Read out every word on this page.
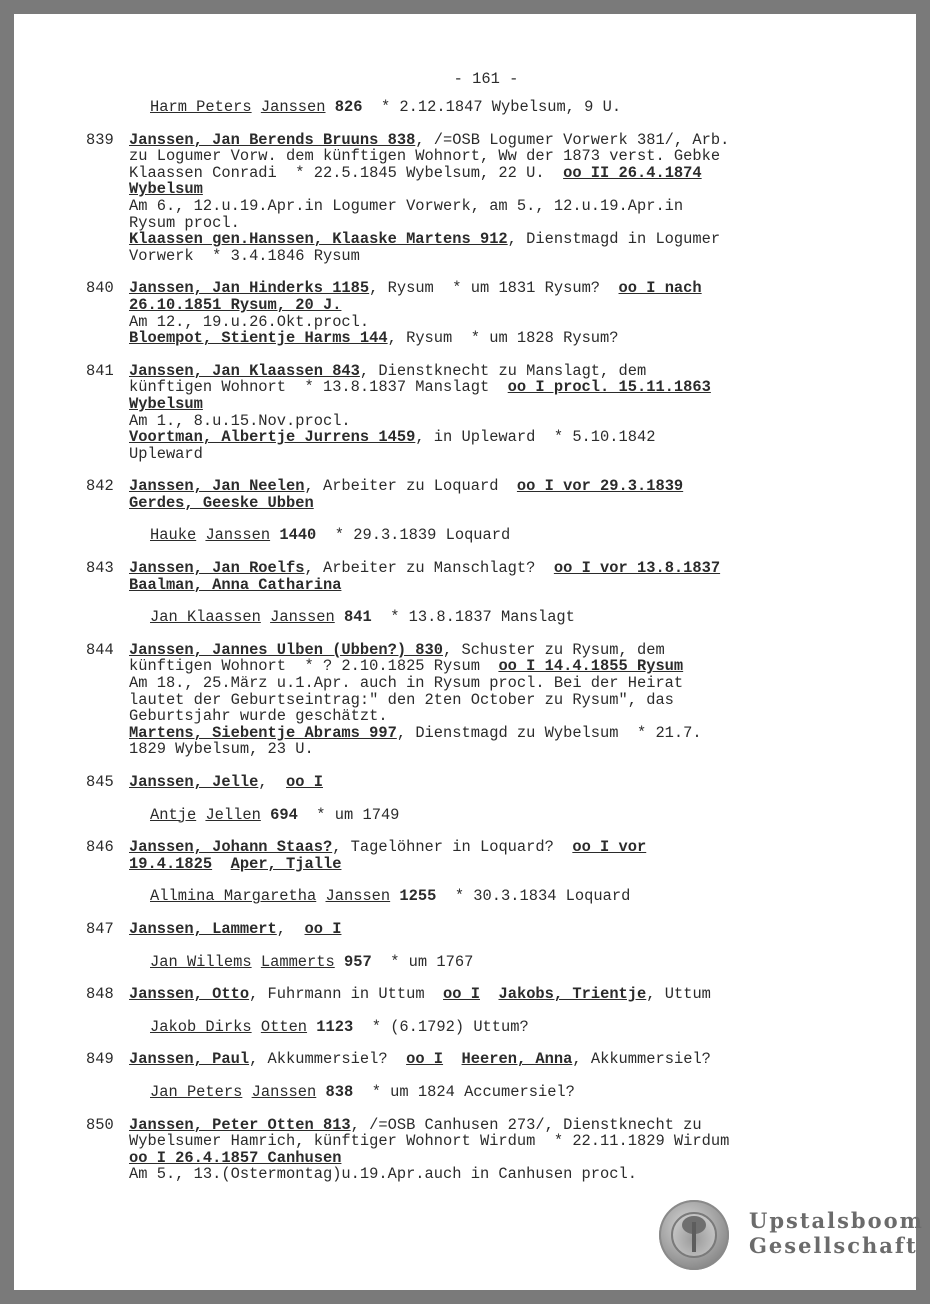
- 161 -
Harm Peters Janssen 826  * 2.12.1847 Wybelsum, 9 U.
839 Janssen, Jan Berends Bruuns 838, /=OSB Logumer Vorwerk 381/, Arb.
zu Logumer Vorw. dem künftigen Wohnort, Ww der 1873 verst. Gebke
Klaassen Conradi  * 22.5.1845 Wybelsum, 22 U.  oo II 26.4.1874
Wybelsum
Am 6., 12.u.19.Apr.in Logumer Vorwerk, am 5., 12.u.19.Apr.in
Rysum procl.
Klaassen gen.Hanssen, Klaaske Martens 912, Dienstmagd in Logumer
Vorwerk  * 3.4.1846 Rysum
840 Janssen, Jan Hinderks 1185, Rysum  * um 1831 Rysum?  oo I nach
26.10.1851 Rysum, 20 J.
Am 12., 19.u.26.Okt.procl.
Bloempot, Stientje Harms 144, Rysum  * um 1828 Rysum?
841 Janssen, Jan Klaassen 843, Dienstknecht zu Manslagt, dem
künftigen Wohnort  * 13.8.1837 Manslagt  oo I procl. 15.11.1863
Wybelsum
Am 1., 8.u.15.Nov.procl.
Voortman, Albertje Jurrens 1459, in Upleward  * 5.10.1842
Upleward
842 Janssen, Jan Neelen, Arbeiter zu Loquard  oo I vor 29.3.1839
Gerdes, Geeske Ubben
Hauke Janssen 1440  * 29.3.1839 Loquard
843 Janssen, Jan Roelfs, Arbeiter zu Manschlagt?  oo I vor 13.8.1837
Baalman, Anna Catharina
Jan Klaassen Janssen 841  * 13.8.1837 Manslagt
844 Janssen, Jannes Ulben (Ubben?) 830, Schuster zu Rysum, dem
künftigen Wohnort  * ? 2.10.1825 Rysum  oo I 14.4.1855 Rysum
Am 18., 25.März u.1.Apr. auch in Rysum procl. Bei der Heirat
lautet der Geburtseintrag:" den 2ten October zu Rysum", das
Geburtsjahr wurde geschätzt.
Martens, Siebentje Abrams 997, Dienstmagd zu Wybelsum  * 21.7.
1829 Wybelsum, 23 U.
845 Janssen, Jelle,  oo I
Antje Jellen 694  * um 1749
846 Janssen, Johann Staas?, Tagelöhner in Loquard?  oo I vor
19.4.1825 Aper, Tjalle
Allmina Margaretha Janssen 1255  * 30.3.1834 Loquard
847 Janssen, Lammert,  oo I
Jan Willems Lammerts 957  * um 1767
848 Janssen, Otto, Fuhrmann in Uttum  oo I Jakobs, Trientje, Uttum
Jakob Dirks Otten 1123  * (6.1792) Uttum?
849 Janssen, Paul, Akkummersiel?  oo I Heeren, Anna, Akkummersiel?
Jan Peters Janssen 838  * um 1824 Accumersiel?
850 Janssen, Peter Otten 813, /=OSB Canhusen 273/, Dienstknecht zu
Wybelsumer Hamrich, künftiger Wohnort Wirdum  * 22.11.1829 Wirdum
oo I 26.4.1857 Canhusen
Am 5., 13.(Ostermontag)u.19.Apr.auch in Canhusen procl.
Upstalsboom
Gesellschaft
